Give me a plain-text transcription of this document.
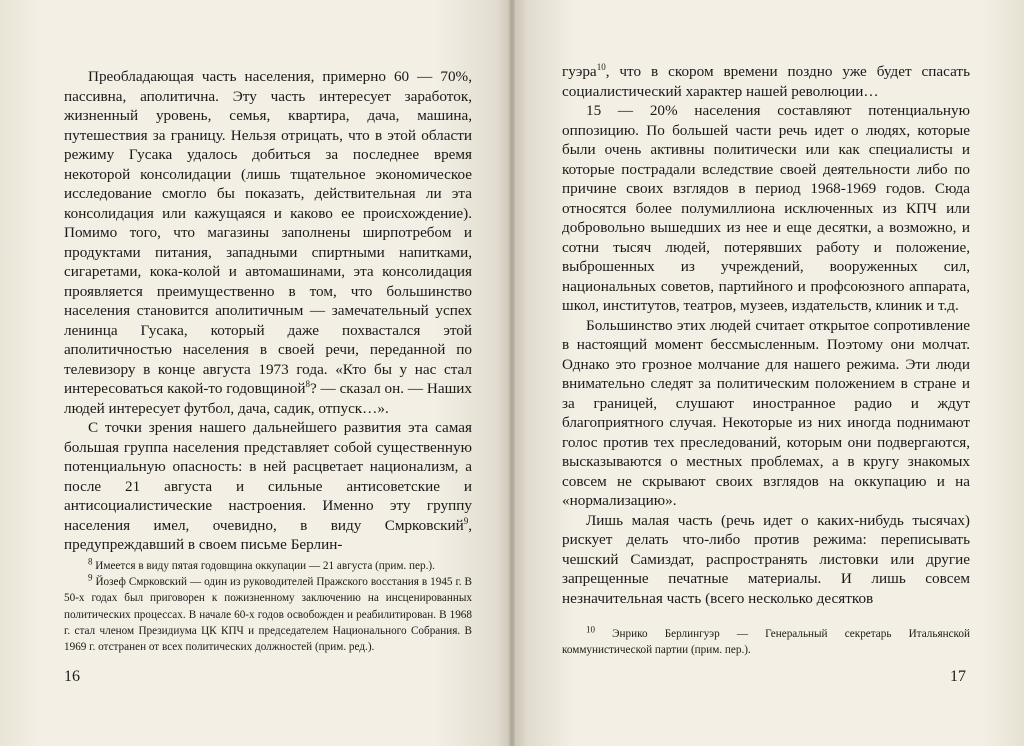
Преобладающая часть населения, примерно 60 — 70%, пассивна, аполитична. Эту часть интересует заработок, жизненный уровень, семья, квартира, дача, машина, путешествия за границу. Нельзя отрицать, что в этой области режиму Гусака удалось добиться за последнее время некоторой консолидации (лишь тщательное экономическое исследование смогло бы показать, действительная ли эта консолидация или кажущаяся и каково ее происхождение). Помимо того, что магазины заполнены ширпотребом и продуктами питания, западными спиртными напитками, сигаретами, кока-колой и автомашинами, эта консолидация проявляется преимущественно в том, что большинство населения становится аполитичным — замечательный успех ленинца Гусака, который даже похвастался этой аполитичностью населения в своей речи, переданной по телевизору в конце августа 1973 года. «Кто бы у нас стал интересоваться какой-то годовщиной$^8$? — сказал он. — Наших людей интересует футбол, дача, садик, отпуск…».

С точки зрения нашего дальнейшего развития эта самая большая группа населения представляет собой существенную потенциальную опасность: в ней расцветает национализм, а после 21 августа и сильные антисоветские и антисоциалистические настроения. Именно эту группу населения имел, очевидно, в виду Смрковский$^9$, предупреждавший в своем письме Берлин-

$^8$ Имеется в виду пятая годовщина оккупации — 21 августа (прим. пер.).

$^9$ Йозеф Смрковский — один из руководителей Пражского восстания в 1945 г. В 50-х годах был приговорен к пожизненному заключению на инсценированных политических процессах. В начале 60-х годов освобожден и реабилитирован. В 1968 г. стал членом Президиума ЦК КПЧ и председателем Национального Собрания. В 1969 г. отстранен от всех политических должностей (прим. ред.).

16

гуэра$^{10}$, что в скором времени поздно уже будет спасать социалистический характер нашей революции…

15 — 20% населения составляют потенциальную оппозицию. По большей части речь идет о людях, которые были очень активны политически или как специалисты и которые пострадали вследствие своей деятельности либо по причине своих взглядов в период 1968-1969 годов. Сюда относятся более полумиллиона исключенных из КПЧ или добровольно вышедших из нее и еще десятки, а возможно, и сотни тысяч людей, потерявших работу и положение, выброшенных из учреждений, вооруженных сил, национальных советов, партийного и профсоюзного аппарата, школ, институтов, театров, музеев, издательств, клиник и т.д.

Большинство этих людей считает открытое сопротивление в настоящий момент бессмысленным. Поэтому они молчат. Однако это грозное молчание для нашего режима. Эти люди внимательно следят за политическим положением в стране и за границей, слушают иностранное радио и ждут благоприятного случая. Некоторые из них иногда поднимают голос против тех преследований, которым они подвергаются, высказываются о местных проблемах, а в кругу знакомых совсем не скрывают своих взглядов на оккупацию и на «нормализацию».

Лишь малая часть (речь идет о каких-нибудь тысячах) рискует делать что-либо против режима: переписывать чешский Самиздат, распространять листовки или другие запрещенные печатные материалы. И лишь совсем незначительная часть (всего несколько десятков

$^{10}$ Энрико Берлингуэр — Генеральный секретарь Итальянской коммунистической партии (прим. пер.).

17
